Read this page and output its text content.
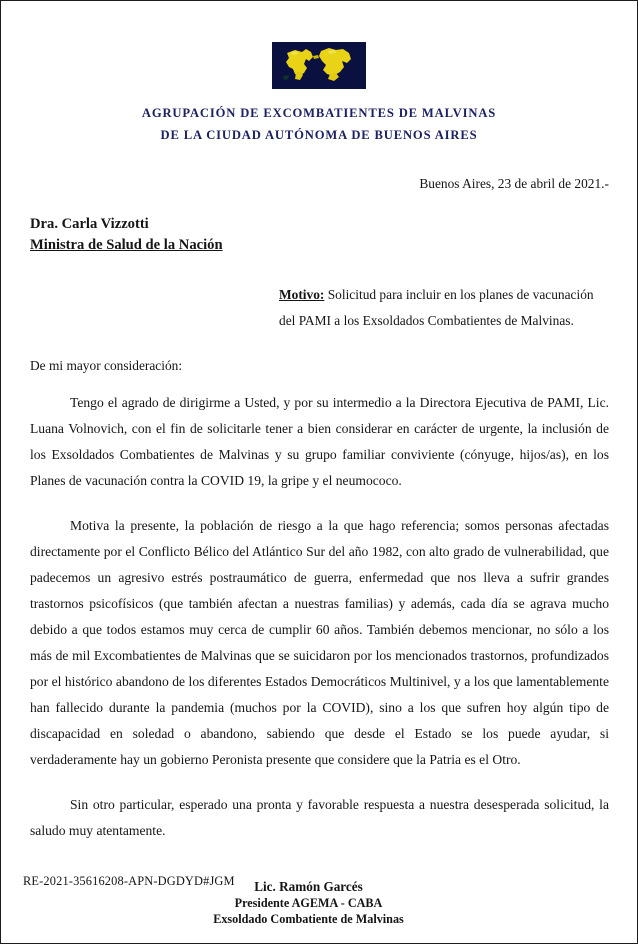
AGRUPACIÓN DE EXCOMBATIENTES DE MALVINAS
DE LA CIUDAD AUTÓNOMA DE BUENOS AIRES
Buenos Aires, 23 de abril de 2021.-
Dra. Carla Vizzotti
Ministra de Salud de la Nación
Motivo: Solicitud para incluir en los planes de vacunación del PAMI a los Exsoldados Combatientes de Malvinas.
De mi mayor consideración:

Tengo el agrado de dirigirme a Usted, y por su intermedio a la Directora Ejecutiva de PAMI, Lic. Luana Volnovich, con el fin de solicitarle tener a bien considerar en carácter de urgente, la inclusión de los Exsoldados Combatientes de Malvinas y su grupo familiar conviviente (cónyuge, hijos/as), en los Planes de vacunación contra la COVID 19, la gripe y el neumococo.

Motiva la presente, la población de riesgo a la que hago referencia; somos personas afectadas directamente por el Conflicto Bélico del Atlántico Sur del año 1982, con alto grado de vulnerabilidad, que padecemos un agresivo estrés postraumático de guerra, enfermedad que nos lleva a sufrir grandes trastornos psicofísicos (que también afectan a nuestras familias) y además, cada día se agrava mucho debido a que todos estamos muy cerca de cumplir 60 años. También debemos mencionar, no sólo a los más de mil Excombatientes de Malvinas que se suicidaron por los mencionados trastornos, profundizados por el histórico abandono de los diferentes Estados Democráticos Multinivel, y a los que lamentablemente han fallecido durante la pandemia (muchos por la COVID), sino a los que sufren hoy algún tipo de discapacidad en soledad o abandono, sabiendo que desde el Estado se los puede ayudar, si verdaderamente hay un gobierno Peronista presente que considere que la Patria es el Otro.

Sin otro particular, esperado una pronta y favorable respuesta a nuestra desesperada solicitud, la saludo muy atentamente.

Lic. Ramón Garcés
Presidente AGEMA - CABA
Exsoldado Combatiente de Malvinas
RE-2021-35616208-APN-DGDYD#JGM
